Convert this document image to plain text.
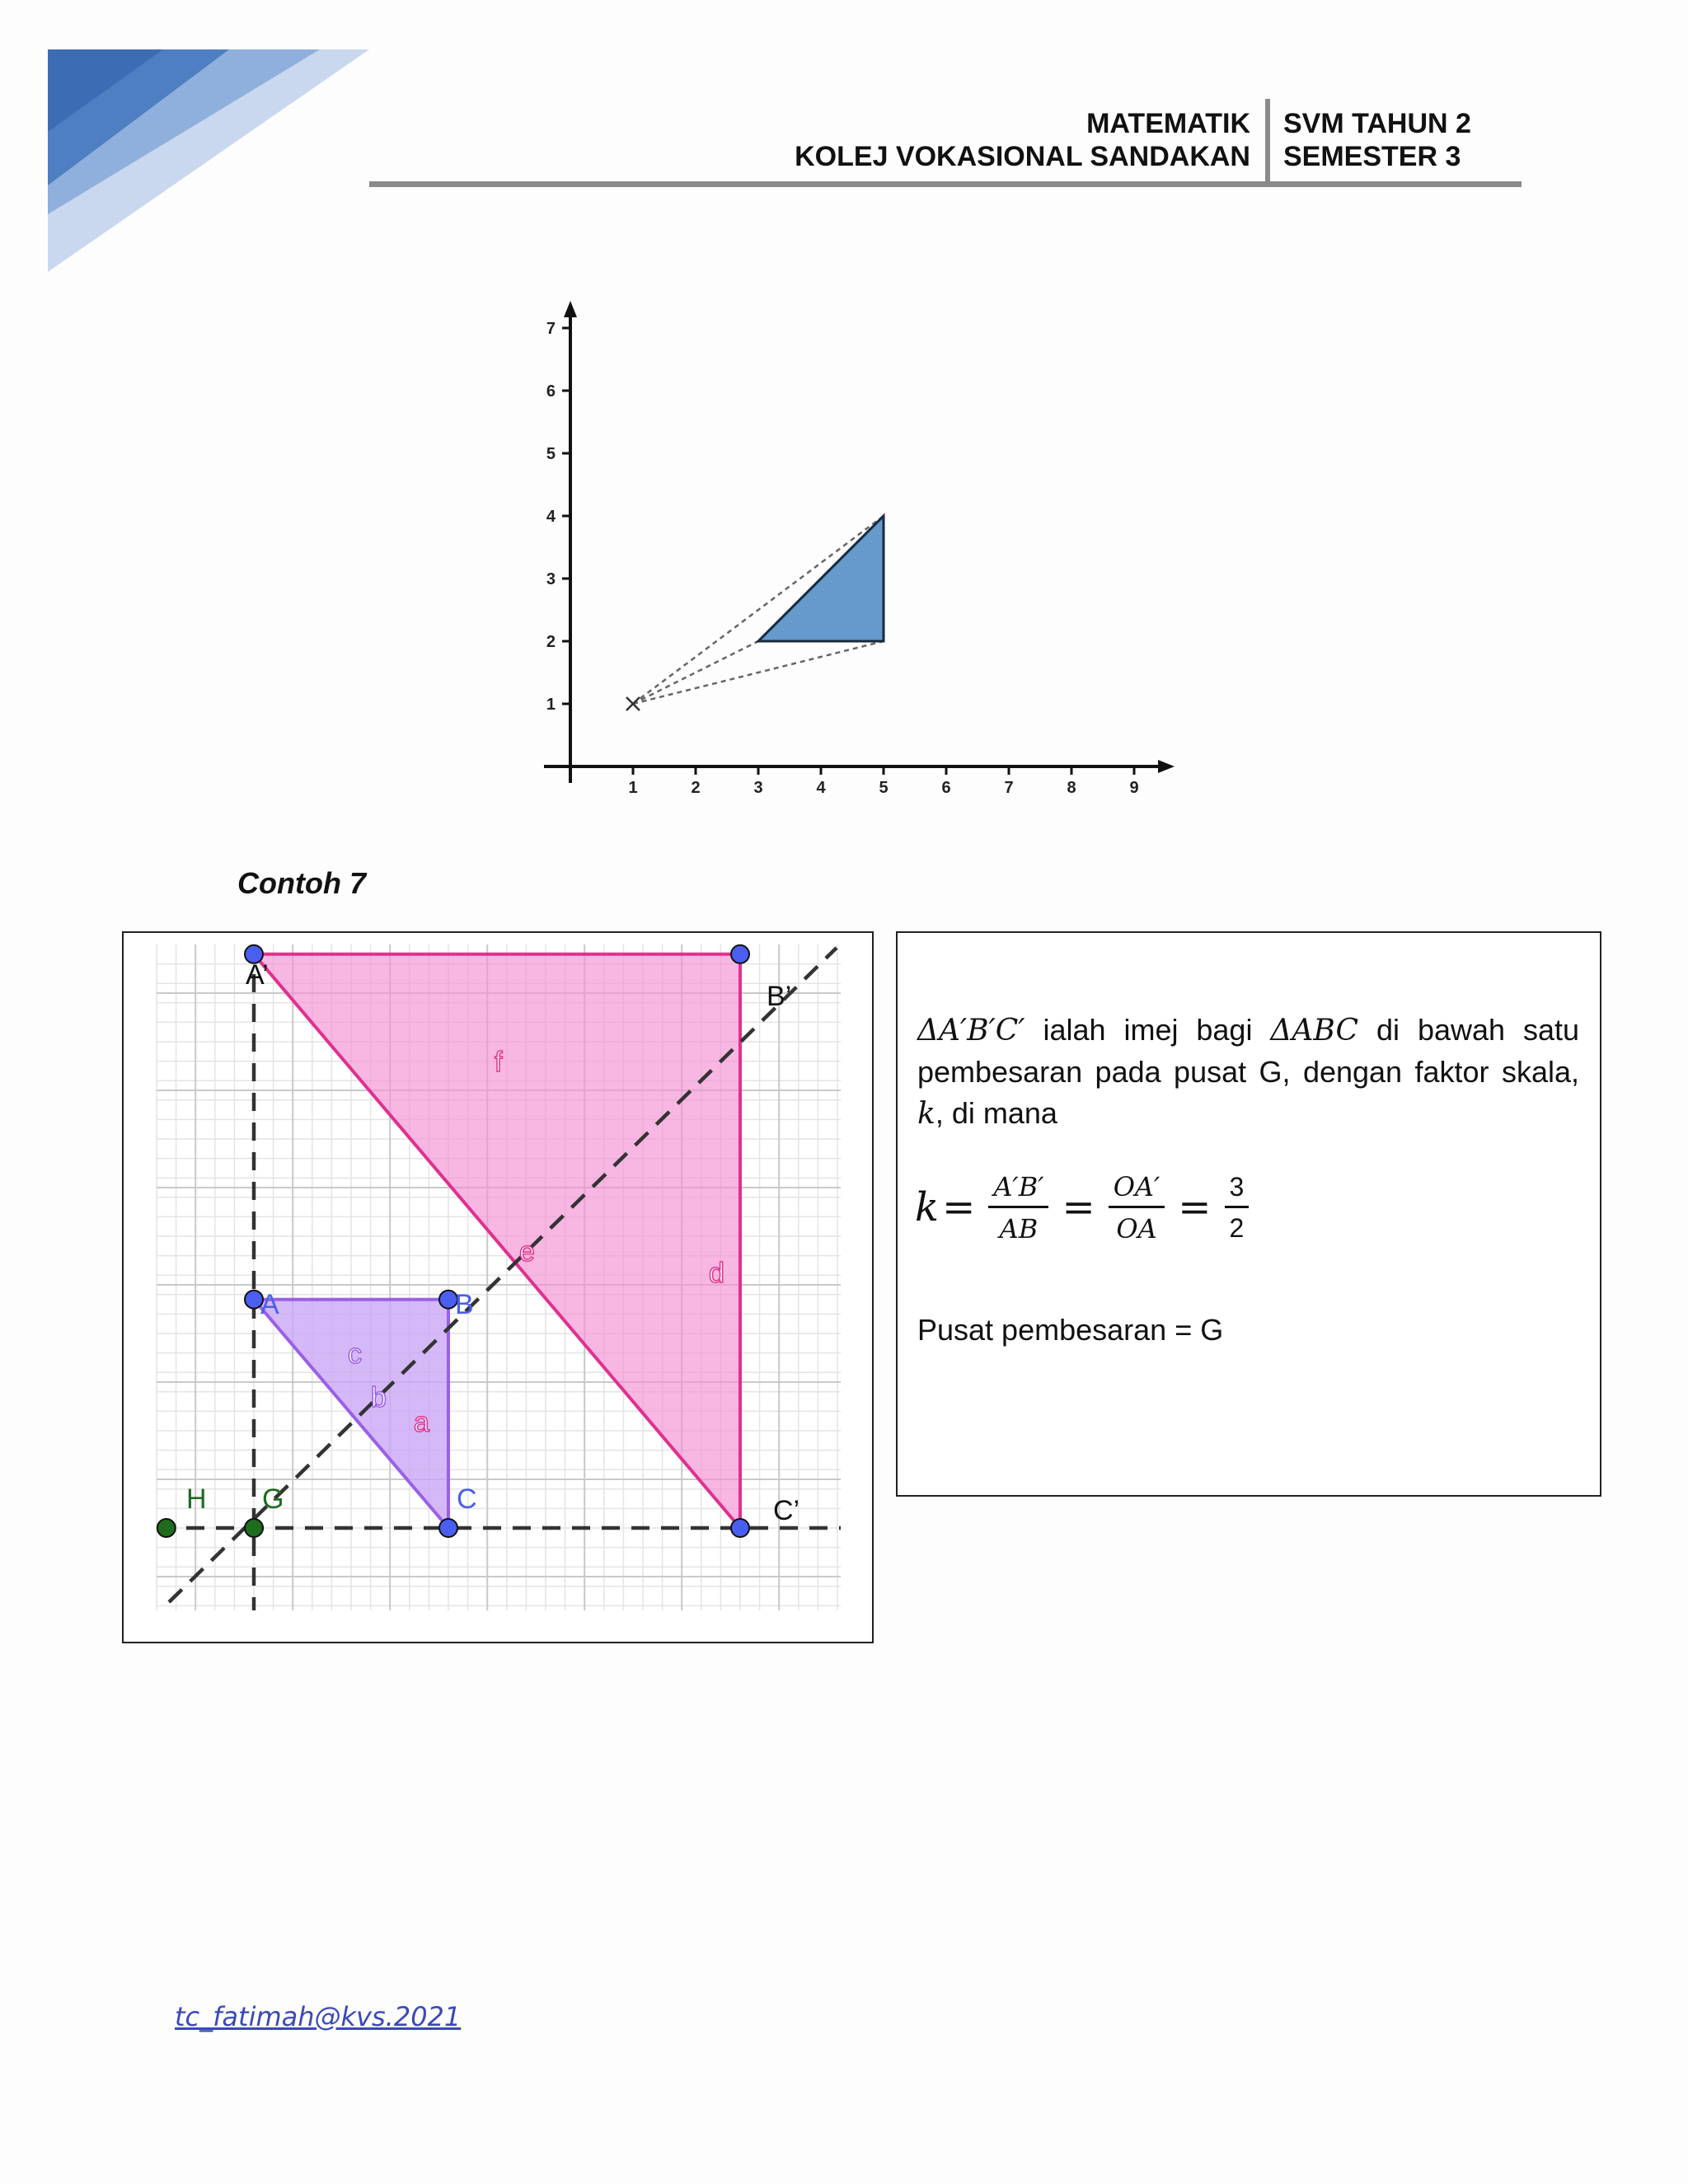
MATEMATIK
KOLEJ VOKASIONAL SANDAKAN
SVM TAHUN 2
SEMESTER 3
1	2	3	4	5	6	7	8	9
1
2
3
4
5
6
7
Contoh 7
A’
B’
C’
A	B
C
G
H
f
e
d
c
b
a
ΔA′B′C′ ialah imej bagi ΔABC di bawah satu pembesaran pada pusat G, dengan faktor skala, k, di mana
$k = \frac{A'B'}{AB} = \frac{OA'}{OA} = \frac{3}{2}$
Pusat pembesaran = G
tc_fatimah@kvs.2021
